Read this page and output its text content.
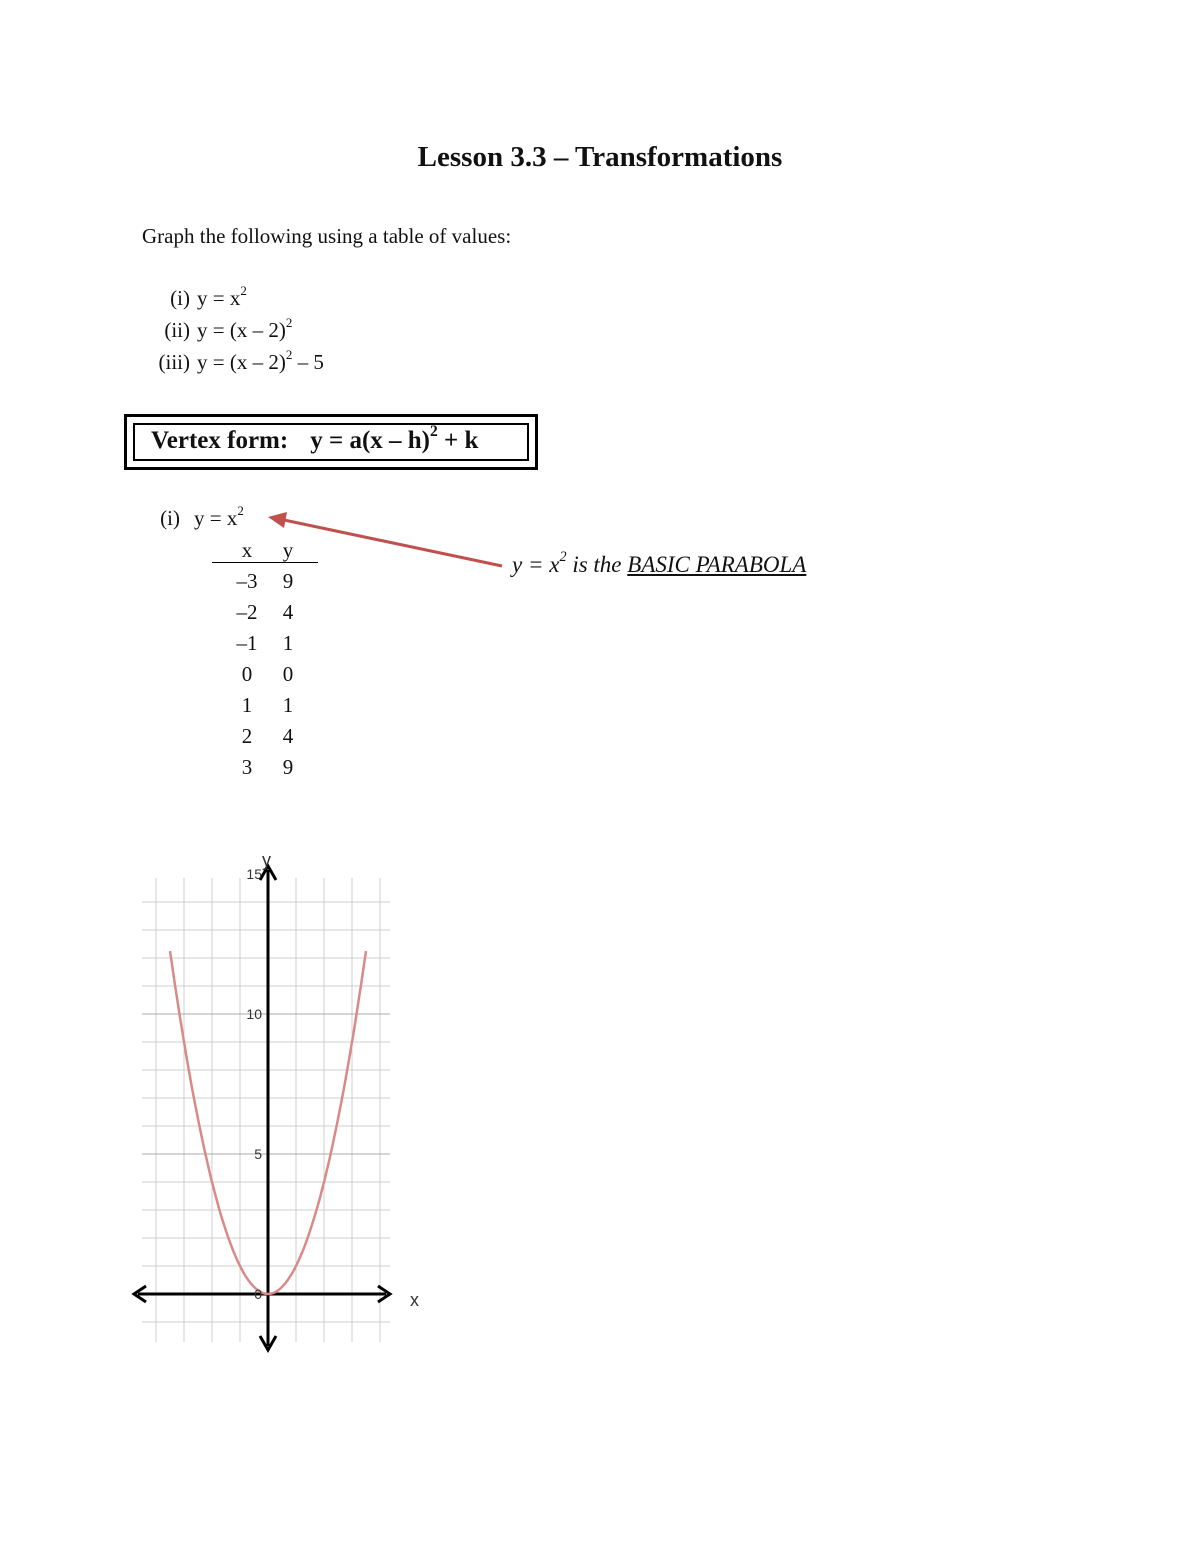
Lesson 3.3 – Transformations
Graph the following using a table of values:
(i) $y = x^2$
(ii) y = (x – 2)$^2$
(iii) y = (x – 2)$^2$ – 5
Vertex form: y = a(x – h)$^2$ + k
(i) $y = x^2$
x	y
–3	9
–2	4
–1	1
0	0
1	1
2	4
3	9
$y = x^2$ is the BASIC PARABOLA
0
5
10
15
x
y
